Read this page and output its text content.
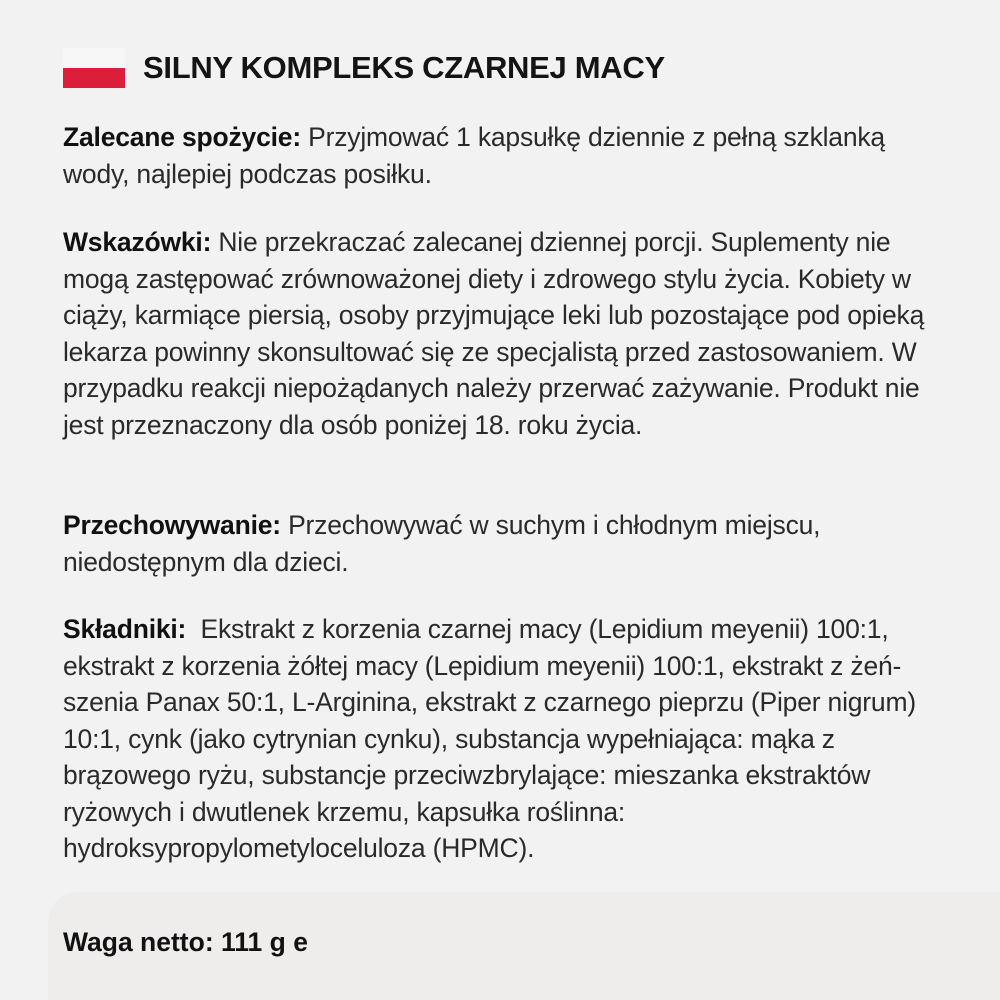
SILNY KOMPLEKS CZARNEJ MACY
Zalecane spożycie: Przyjmować 1 kapsułkę dziennie z pełną szklanką wody, najlepiej podczas posiłku.
Wskazówki: Nie przekraczać zalecanej dziennej porcji. Suplementy nie mogą zastępować zrównoważonej diety i zdrowego stylu życia. Kobiety w ciąży, karmiące piersią, osoby przyjmujące leki lub pozostające pod opieką lekarza powinny skonsultować się ze specjalistą przed zastosowaniem. W przypadku reakcji niepożądanych należy przerwać zażywanie. Produkt nie jest przeznaczony dla osób poniżej 18. roku życia.
Przechowywanie: Przechowywać w suchym i chłodnym miejscu, niedostępnym dla dzieci.
Składniki:  Ekstrakt z korzenia czarnej macy (Lepidium meyenii) 100:1, ekstrakt z korzenia żółtej macy (Lepidium meyenii) 100:1, ekstrakt z żeń-szenia Panax 50:1, L-Arginina, ekstrakt z czarnego pieprzu (Piper nigrum) 10:1, cynk (jako cytrynian cynku), substancja wypełniająca: mąka z brązowego ryżu, substancje przeciwzbrylające: mieszanka ekstraktów ryżowych i dwutlenek krzemu, kapsułka roślinna: hydroksypropylometyloceluloza (HPMC).
Waga netto: 111 g e
